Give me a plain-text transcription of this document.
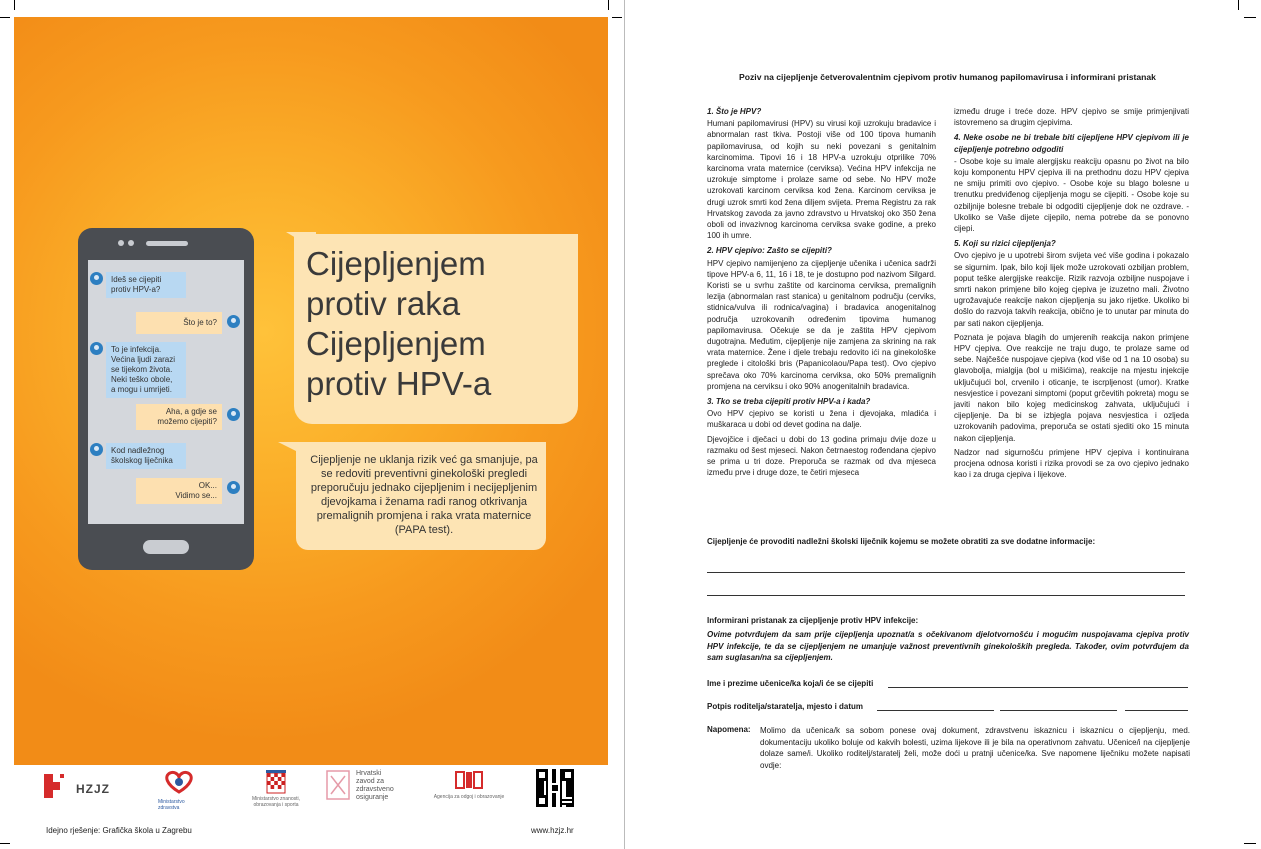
Ideš se cijepiti
protiv HPV-a?
Što je to?
To je infekcija.
Većina ljudi zarazi
se tijekom života.
Neki teško obole,
a mogu i umrijeti.
Aha, a gdje se
možemo cijepiti?
Kod nadležnog
školskog liječnika
OK...
Vidimo se...
Cijepljenjem
protiv raka
Cijepljenjem
protiv HPV-a

Cijepljenje ne uklanja rizik već ga smanjuje, pa se redoviti preventivni ginekološki pregledi preporučuju jednako cijepljenim i necijepljenim djevojkama i ženama radi ranog otkrivanja premalignih promjena i raka vrata maternice (PAPA test).

HZJZ
Ministarstvo zdravstva
Ministarstvo znanosti, obrazovanja i sporta
Hrvatski
zavod za
zdravstveno
osiguranje	Agencija za odgoj i obrazovanje
Idejno rješenje: Grafička škola u Zagrebu	www.hzjz.hr
Poziv na cijepljenje četverovalentnim cjepivom protiv humanog papilomavirusa i informirani pristanak
1. Što je HPV?

Humani papilomavirusi (HPV) su virusi koji uzrokuju bradavice i abnormalan rast tkiva. Postoji više od 100 tipova humanih papilomavirusa, od kojih su neki povezani s genitalnim karcinomima. Tipovi 16 i 18 HPV-a uzrokuju otprilike 70% karcinoma vrata maternice (cerviksa). Većina HPV infekcija ne uzrokuje simptome i prolaze same od sebe. No HPV može uzrokovati karcinom cerviksa kod žena. Karcinom cerviksa je drugi uzrok smrti kod žena diljem svijeta. Prema Registru za rak Hrvatskog zavoda za javno zdravstvo u Hrvatskoj oko 350 žena oboli od invazivnog karcinoma cerviksa svake godine, a preko 100 ih umre.

2. HPV cjepivo: Zašto se cijepiti?

HPV cjepivo namijenjeno za cijepljenje učenika i učenica sadrži tipove HPV-a 6, 11, 16 i 18, te je dostupno pod nazivom Silgard. Koristi se u svrhu zaštite od karcinoma cerviksa, premalignih lezija (abnormalan rast stanica) u genitalnom području (cerviks, stidnica/vulva ili rodnica/vagina) i bradavica anogenitalnog područja uzrokovanih određenim tipovima humanog papilomavirusa. Očekuje se da je zaštita HPV cjepivom dugotrajna. Međutim, cijepljenje nije zamjena za skrining na rak vrata maternice. Žene i djele trebaju redovito ići na ginekološke preglede i citološki bris (Papanicolaou/Papa test). Ovo cjepivo sprečava oko 70% karcinoma cerviksa, oko 50% premalignih promjena na cerviksu i oko 90% anogenitalnih bradavica.

3. Tko se treba cijepiti protiv HPV-a i kada?

Ovo HPV cjepivo se koristi u žena i djevojaka, mladića i muškaraca u dobi od devet godina na dalje.

Djevojčice i dječaci u dobi do 13 godina primaju dvije doze u razmaku od šest mjeseci. Nakon četrnaestog rođendana cjepivo se prima u tri doze. Preporuča se razmak od dva mjeseca između prve i druge doze, te četiri mjeseca

između druge i treće doze. HPV cjepivo se smije primjenjivati istovremeno sa drugim cjepivima.

4. Neke osobe ne bi trebale biti cijepljene HPV cjepivom ili je cijepljenje potrebno odgoditi

- Osobe koje su imale alergijsku reakciju opasnu po život na bilo koju komponentu HPV cjepiva ili na prethodnu dozu HPV cjepiva ne smiju primiti ovo cjepivo. - Osobe koje su blago bolesne u trenutku predviđenog cijepljenja mogu se cijepiti. - Osobe koje su ozbiljnije bolesne trebale bi odgoditi cijepljenje dok ne ozdrave. - Ukoliko se Vaše dijete cijepilo, nema potrebe da se ponovno cijepi.

5. Koji su rizici cijepljenja?

Ovo cjepivo je u upotrebi širom svijeta već više godina i pokazalo se sigurnim. Ipak, bilo koji lijek može uzrokovati ozbiljan problem, poput teške alergijske reakcije. Rizik razvoja ozbiljne nuspojave i smrti nakon primjene bilo kojeg cjepiva je izuzetno mali. Životno ugrožavajuće reakcije nakon cijepljenja su jako rijetke. Ukoliko bi došlo do razvoja takvih reakcija, obično je to unutar par minuta do par sati nakon cijepljenja.

Poznata je pojava blagih do umjerenih reakcija nakon primjene HPV cjepiva. Ove reakcije ne traju dugo, te prolaze same od sebe. Najčešće nuspojave cjepiva (kod više od 1 na 10 osoba) su glavobolja, mialgija (bol u mišićima), reakcije na mjestu injekcije uključujući bol, crvenilo i oticanje, te iscrpljenost (umor). Kratke nesvjestice i povezani simptomi (poput grčevitih pokreta) mogu se javiti nakon bilo kojeg medicinskog zahvata, uključujući i cijepljenje. Da bi se izbjegla pojava nesvjestica i ozljeda uzrokovanih padovima, preporuča se ostati sjediti oko 15 minuta nakon cijepljenja.

Nadzor nad sigurnošću primjene HPV cjepiva i kontinuirana procjena odnosa koristi i rizika provodi se za ovo cjepivo jednako kao i za druga cjepiva i lijekove.

Cijepljenje će provoditi nadležni školski liječnik kojemu se možete obratiti za sve dodatne informacije:
Informirani pristanak za cijepljenje protiv HPV infekcije:
Ovime potvrđujem da sam prije cijepljenja upoznat/a s očekivanom djelotvornošću i mogućim nuspojavama cjepiva protiv HPV infekcije, te da se cijepljenjem ne umanjuje važnost preventivnih ginekoloških pregleda. Također, ovim potvrđujem da sam suglasan/na sa cijepljenjem.
Ime i prezime učenice/ka koja/i će se cijepiti
Potpis roditelja/staratelja, mjesto i datum
Napomena: Molimo da učenica/k sa sobom ponese ovaj dokument, zdravstvenu iskaznicu i iskaznicu o cijepljenju, med. dokumentaciju ukoliko boluje od kakvih bolesti, uzima lijekove ili je bila na operativnom zahvatu. Učenice/i na cijepljenje dolaze same/i. Ukoliko roditelj/staratelj želi, može doći u pratnji učenice/ka. Sve napomene liječniku možete napisati ovdje:
